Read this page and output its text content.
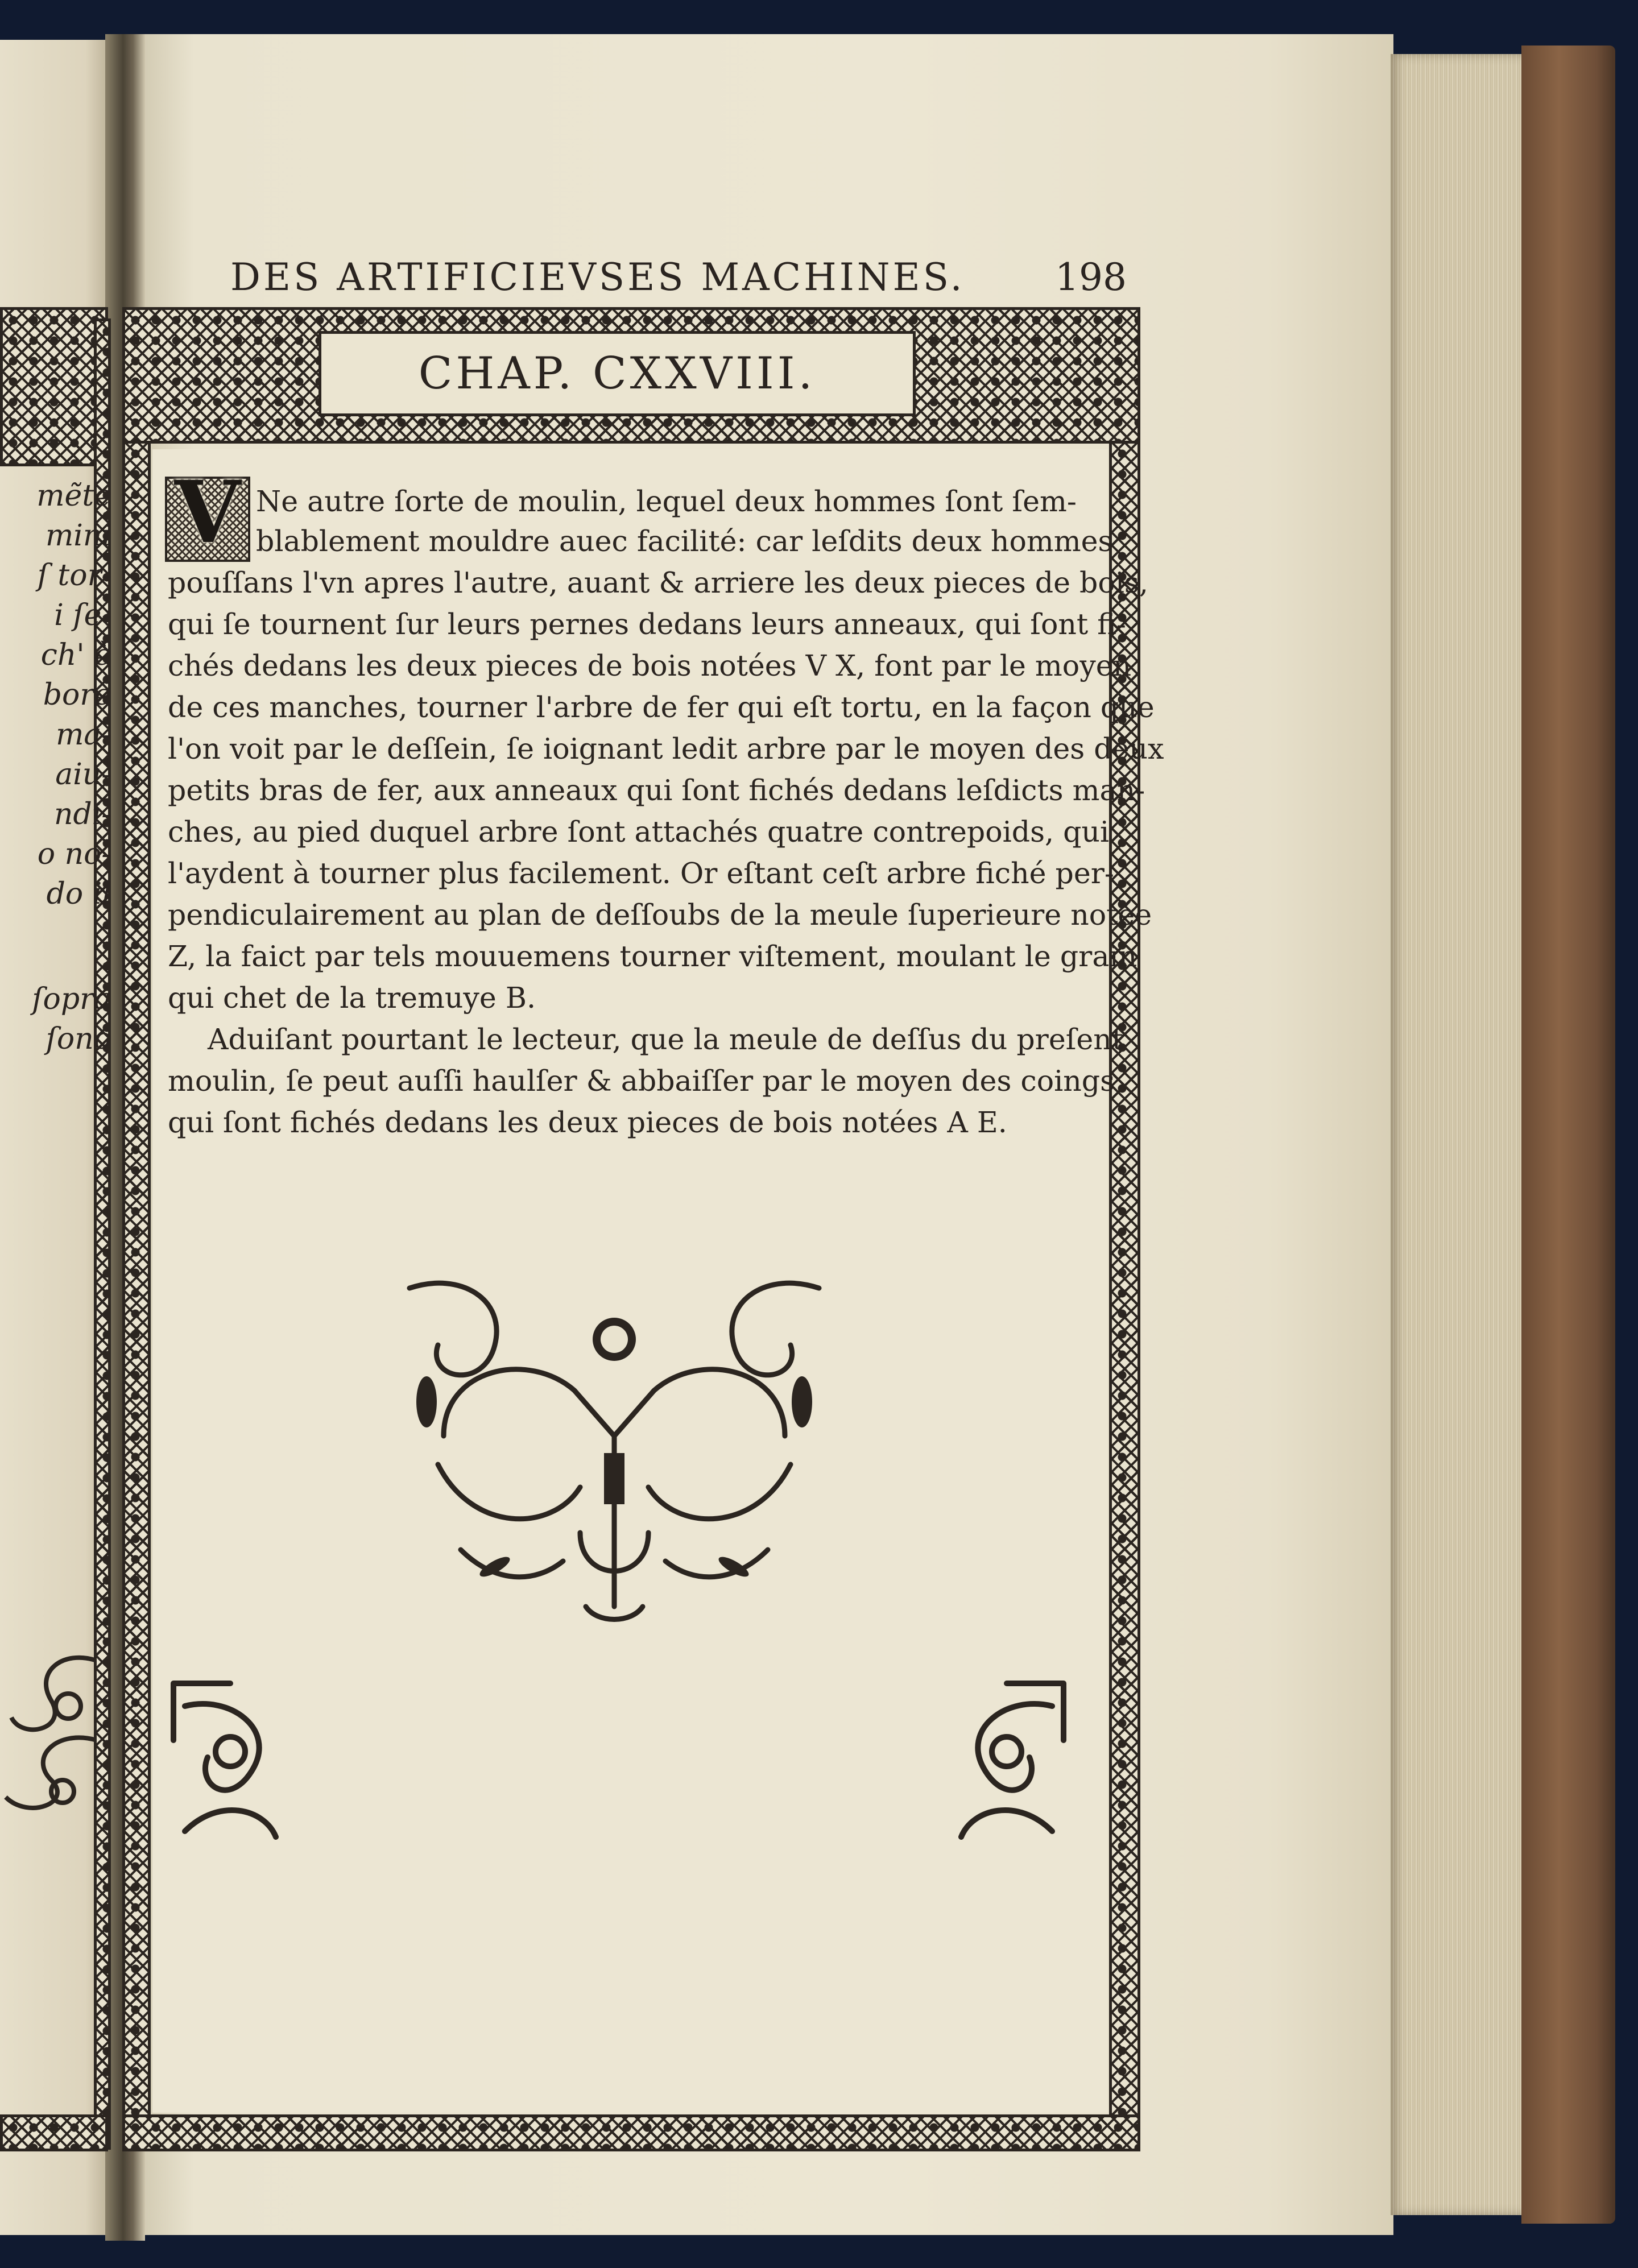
mẽte
mini
ſ tor-
i ſe-
ch' è
bore
ma-
aiu-
ndi-
o no-
do il
ſopra
ſono
DES ARTIFICIEVSES MACHINES.	198
CHAP. CXXVIII.
V Ne autre ſorte de moulin, lequel deux hommes ſont ſem-
blablement mouldre auec facilité: car leſdits deux hommes
pouſſans l'vn apres l'autre, auant & arriere les deux pieces de bois,
qui ſe tournent ſur leurs pernes dedans leurs anneaux, qui ſont fi-
chés dedans les deux pieces de bois notées V X, font par le moyen
de ces manches, tourner l'arbre de fer qui eſt tortu, en la façon que
l'on voit par le deſſein, ſe ioignant ledit arbre par le moyen des deux
petits bras de fer, aux anneaux qui ſont fichés dedans leſdicts man-
ches, au pied duquel arbre ſont attachés quatre contrepoids, qui
l'aydent à tourner plus facilement. Or eſtant ceſt arbre fiché per-
pendiculairement au plan de deſſoubs de la meule ſuperieure notée
Z, la faict par tels mouuemens tourner viſtement, moulant le grain
qui chet de la tremuye B.
Aduiſant pourtant le lecteur, que la meule de deſſus du preſent
moulin, ſe peut auſſi haulſer & abbaiſſer par le moyen des coings
qui ſont fichés dedans les deux pieces de bois notées A E.
